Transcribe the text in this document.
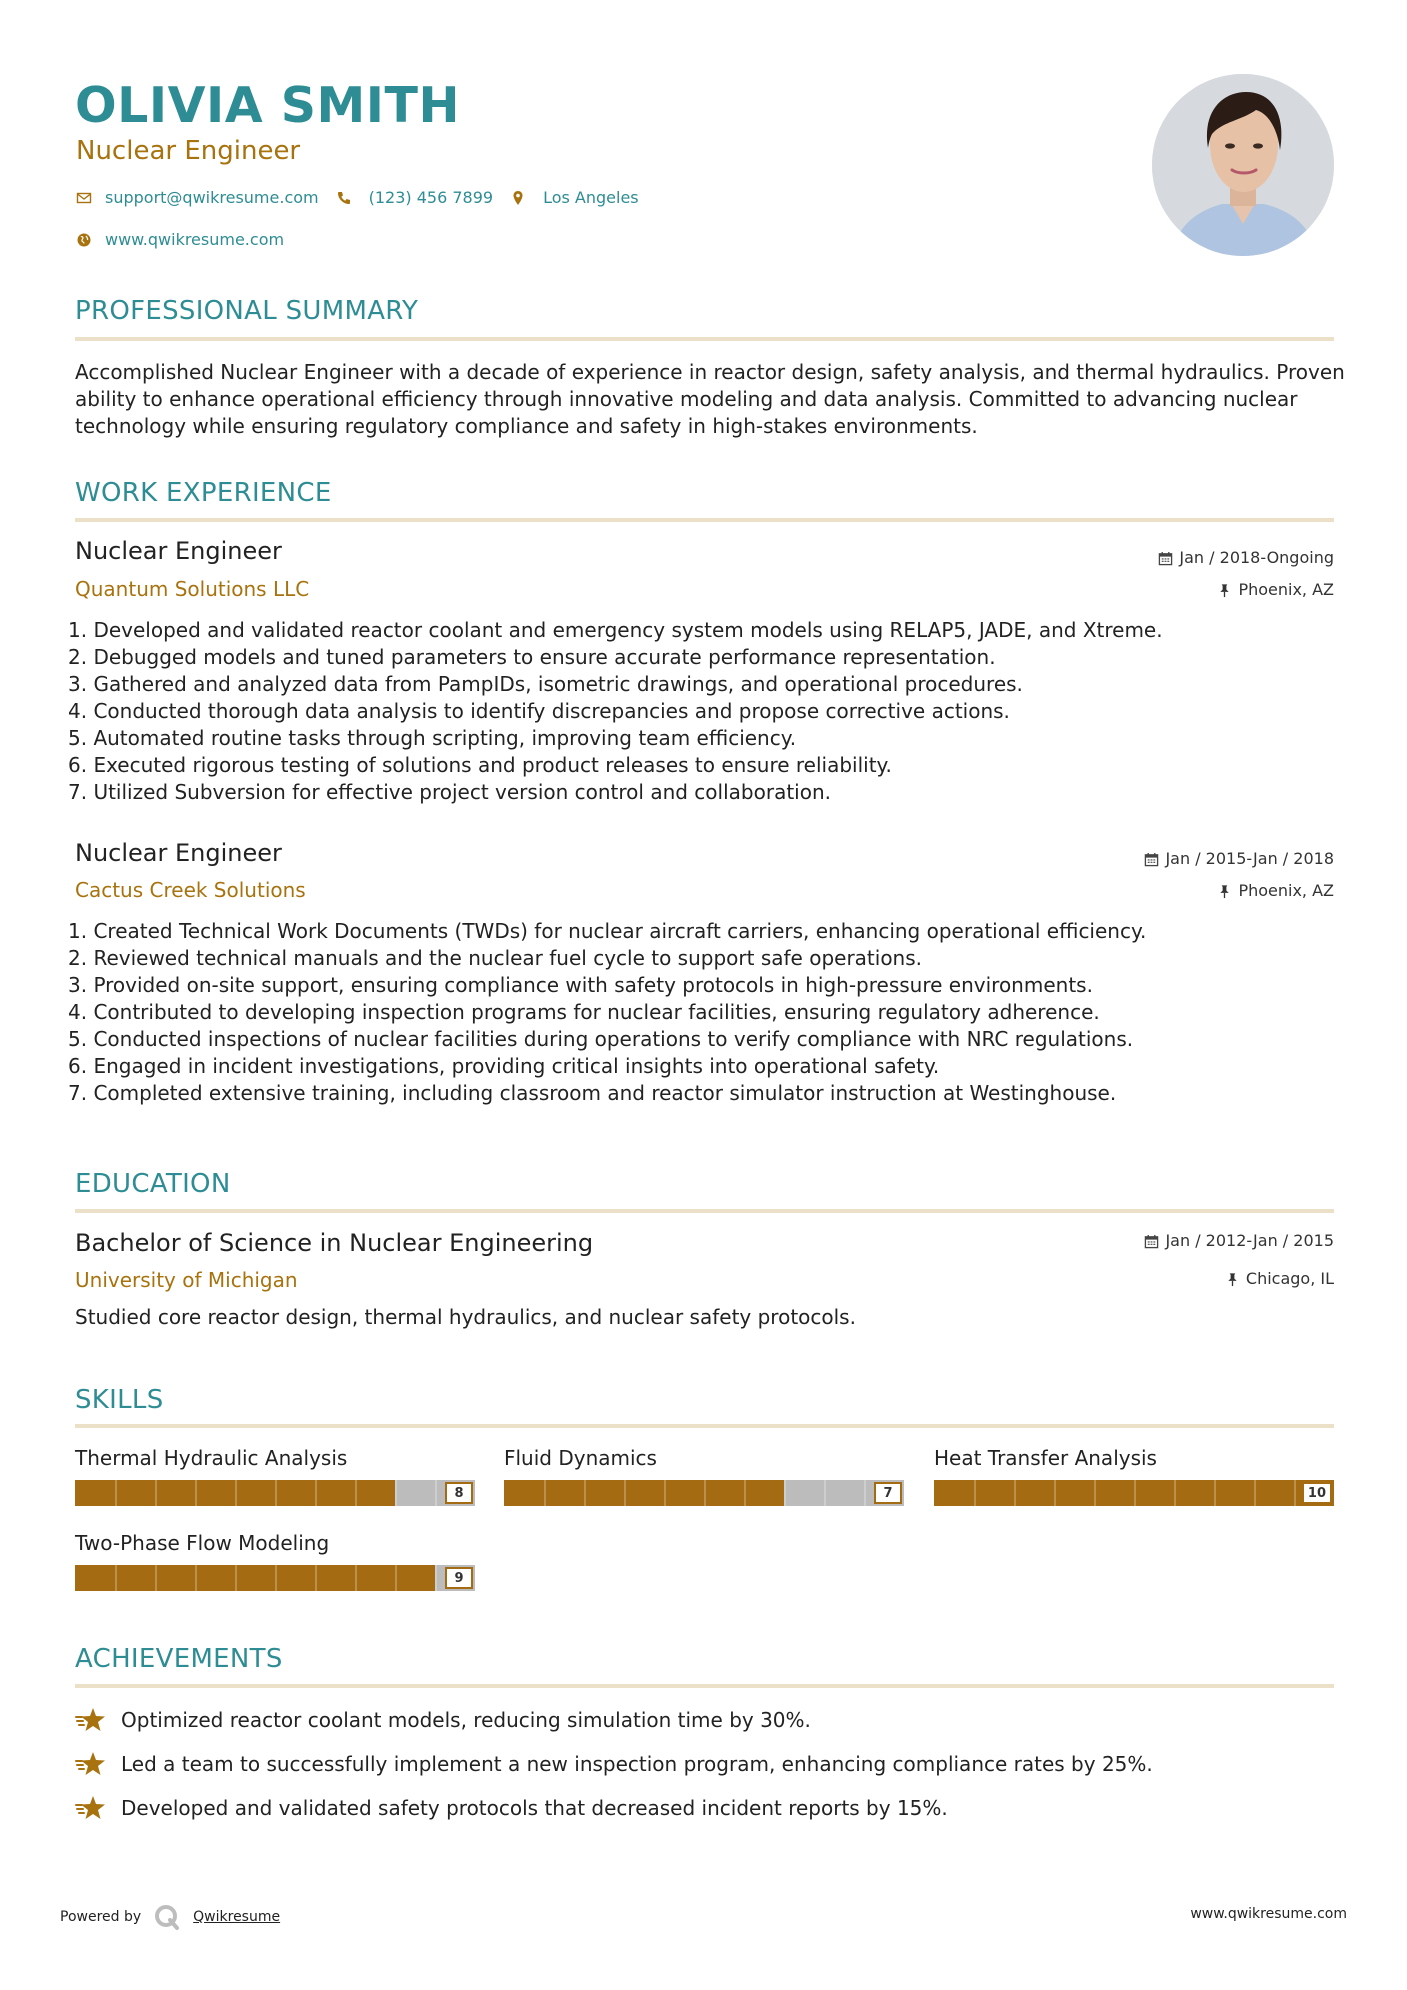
OLIVIA SMITH
Nuclear Engineer
support@qwikresume.com	(123) 456 7899	Los Angeles
www.qwikresume.com
PROFESSIONAL SUMMARY

Accomplished Nuclear Engineer with a decade of experience in reactor design, safety analysis, and thermal hydraulics. Proven ability to enhance operational efficiency through innovative modeling and data analysis. Committed to advancing nuclear technology while ensuring regulatory compliance and safety in high-stakes environments.

WORK EXPERIENCE
Nuclear Engineer
Quantum Solutions LLC
Jan / 2018-Ongoing
Phoenix, AZ
1. Developed and validated reactor coolant and emergency system models using RELAP5, JADE, and Xtreme.
2. Debugged models and tuned parameters to ensure accurate performance representation.
3. Gathered and analyzed data from PampIDs, isometric drawings, and operational procedures.
4. Conducted thorough data analysis to identify discrepancies and propose corrective actions.
5. Automated routine tasks through scripting, improving team efficiency.
6. Executed rigorous testing of solutions and product releases to ensure reliability.
7. Utilized Subversion for effective project version control and collaboration.
Nuclear Engineer
Cactus Creek Solutions
Jan / 2015-Jan / 2018
Phoenix, AZ
1. Created Technical Work Documents (TWDs) for nuclear aircraft carriers, enhancing operational efficiency.
2. Reviewed technical manuals and the nuclear fuel cycle to support safe operations.
3. Provided on-site support, ensuring compliance with safety protocols in high-pressure environments.
4. Contributed to developing inspection programs for nuclear facilities, ensuring regulatory adherence.
5. Conducted inspections of nuclear facilities during operations to verify compliance with NRC regulations.
6. Engaged in incident investigations, providing critical insights into operational safety.
7. Completed extensive training, including classroom and reactor simulator instruction at Westinghouse.
EDUCATION
Bachelor of Science in Nuclear Engineering
University of Michigan
Jan / 2012-Jan / 2015
Chicago, IL

Studied core reactor design, thermal hydraulics, and nuclear safety protocols.

SKILLS
Thermal Hydraulic Analysis
8
Fluid Dynamics
7
Heat Transfer Analysis
10
Two-Phase Flow Modeling
9
ACHIEVEMENTS
Optimized reactor coolant models, reducing simulation time by 30%.
Led a team to successfully implement a new inspection program, enhancing compliance rates by 25%.
Developed and validated safety protocols that decreased incident reports by 15%.
Powered by	Qwikresume	www.qwikresume.com
